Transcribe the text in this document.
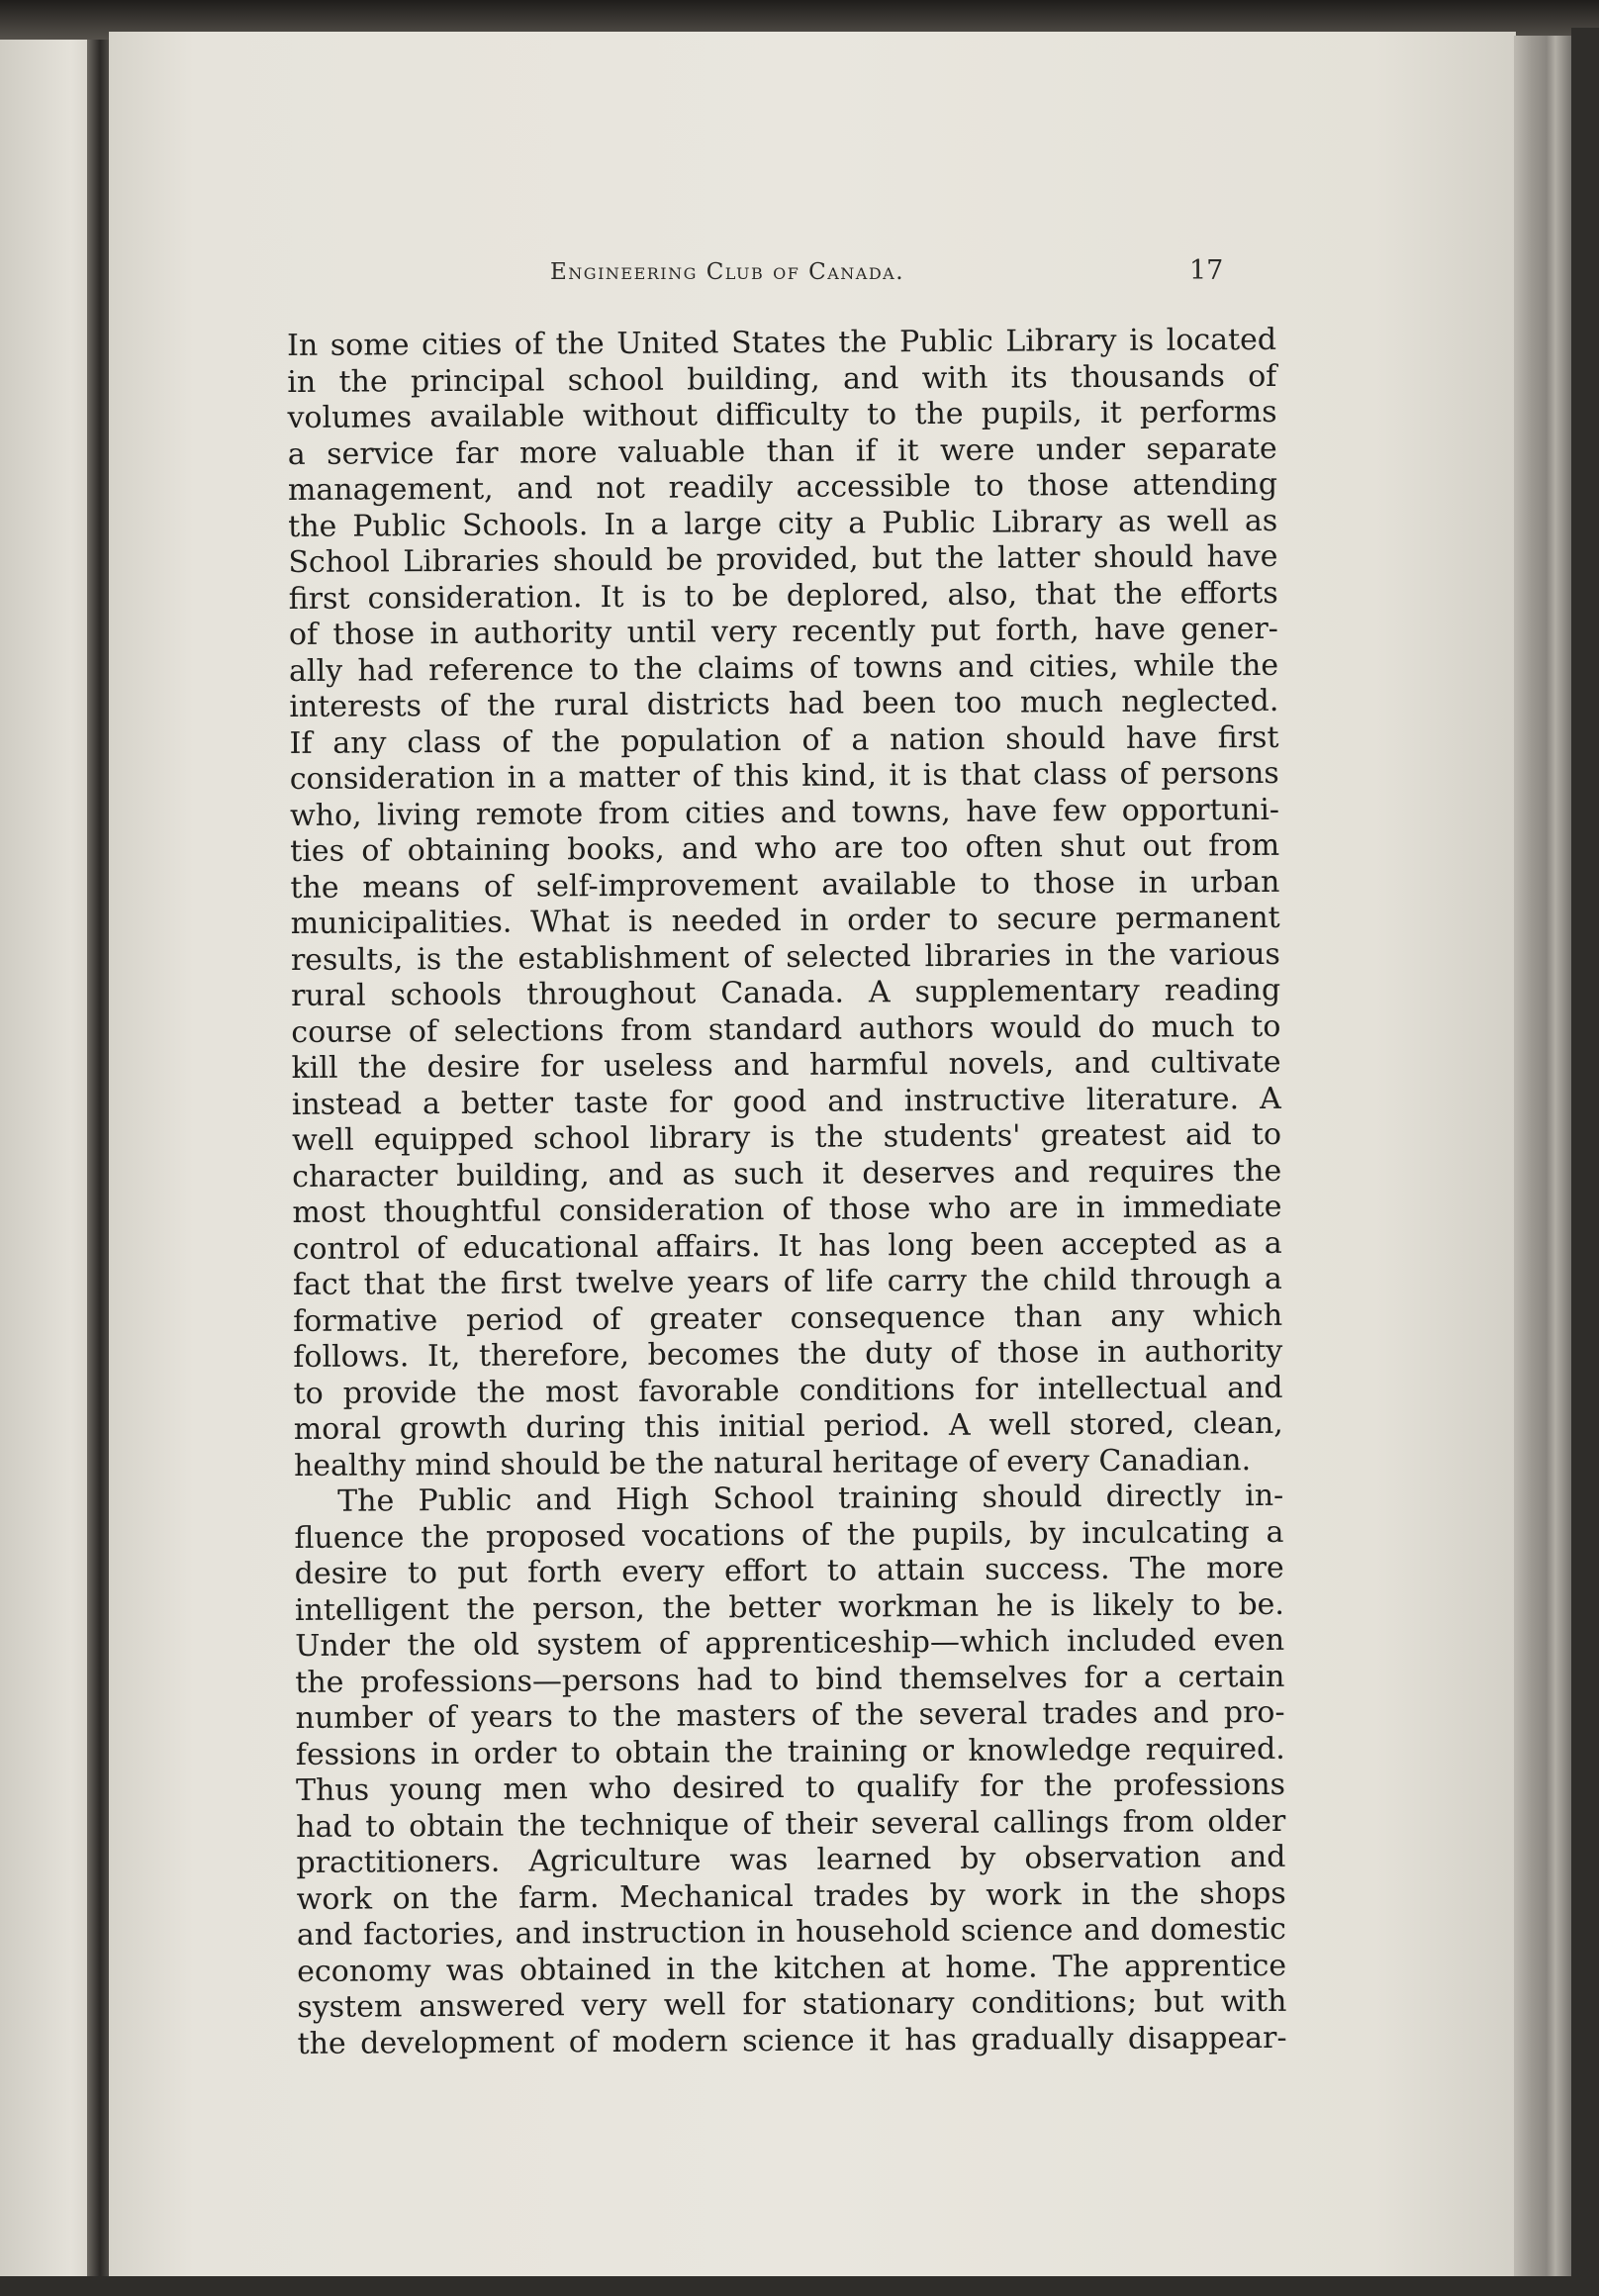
Engineering Club of Canada.	17
In some cities of the United States the Public Library is located
in the principal school building, and with its thousands of
volumes available without difficulty to the pupils, it performs
a service far more valuable than if it were under separate
management, and not readily accessible to those attending
the Public Schools. In a large city a Public Library as well as
School Libraries should be provided, but the latter should have
first consideration. It is to be deplored, also, that the efforts
of those in authority until very recently put forth, have gener-
ally had reference to the claims of towns and cities, while the
interests of the rural districts had been too much neglected.
If any class of the population of a nation should have first
consideration in a matter of this kind, it is that class of persons
who, living remote from cities and towns, have few opportuni-
ties of obtaining books, and who are too often shut out from
the means of self-improvement available to those in urban
municipalities. What is needed in order to secure permanent
results, is the establishment of selected libraries in the various
rural schools throughout Canada. A supplementary reading
course of selections from standard authors would do much to
kill the desire for useless and harmful novels, and cultivate
instead a better taste for good and instructive literature. A
well equipped school library is the students' greatest aid to
character building, and as such it deserves and requires the
most thoughtful consideration of those who are in immediate
control of educational affairs. It has long been accepted as a
fact that the first twelve years of life carry the child through a
formative period of greater consequence than any which
follows. It, therefore, becomes the duty of those in authority
to provide the most favorable conditions for intellectual and
moral growth during this initial period. A well stored, clean,
healthy mind should be the natural heritage of every Canadian.
The Public and High School training should directly in-
fluence the proposed vocations of the pupils, by inculcating a
desire to put forth every effort to attain success. The more
intelligent the person, the better workman he is likely to be.
Under the old system of apprenticeship—which included even
the professions—persons had to bind themselves for a certain
number of years to the masters of the several trades and pro-
fessions in order to obtain the training or knowledge required.
Thus young men who desired to qualify for the professions
had to obtain the technique of their several callings from older
practitioners. Agriculture was learned by observation and
work on the farm. Mechanical trades by work in the shops
and factories, and instruction in household science and domestic
economy was obtained in the kitchen at home. The apprentice
system answered very well for stationary conditions; but with
the development of modern science it has gradually disappear-
